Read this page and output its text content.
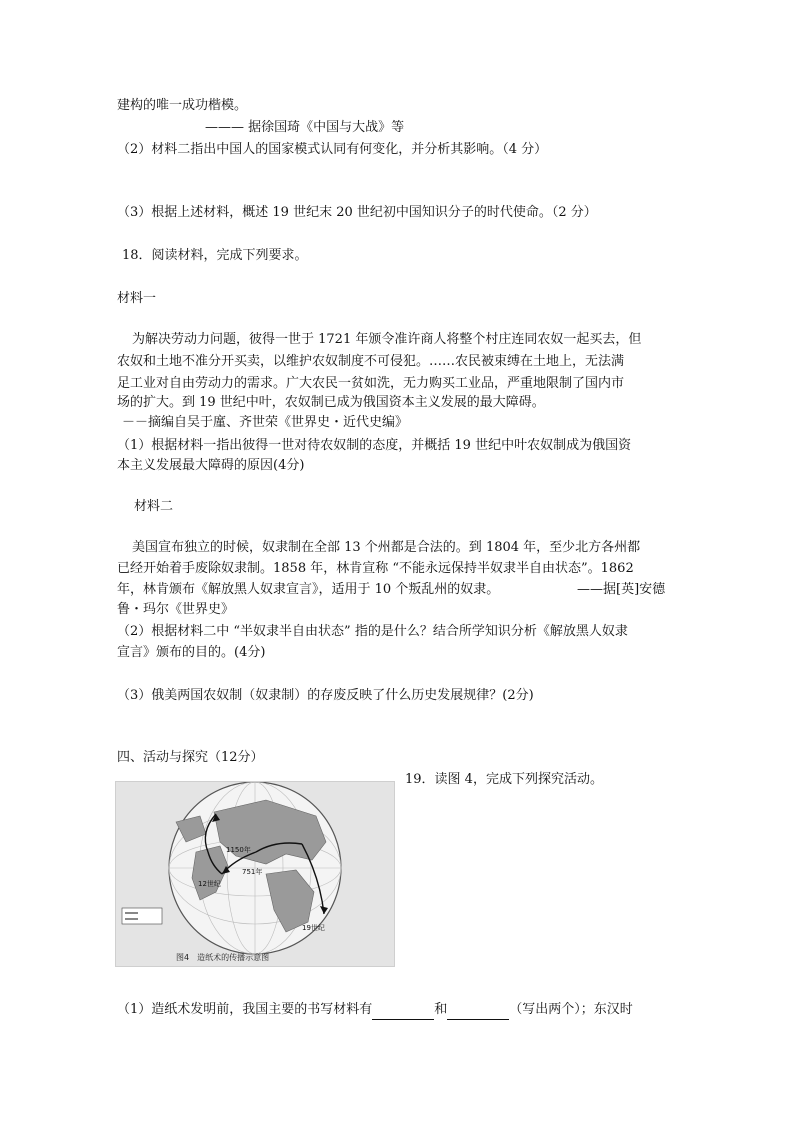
建构的唯一成功楷模。
——— 据徐国琦《中国与大战》等
（2）材料二指出中国人的国家模式认同有何变化，并分析其影响。（4 分）
（3）根据上述材料，概述 19 世纪末 20 世纪初中国知识分子的时代使命。（2 分）
18．阅读材料，完成下列要求。
材料一
为解决劳动力问题，彼得一世于 1721 年颁令准许商人将整个村庄连同农奴一起买去，但
农奴和土地不准分开买卖，以维护农奴制度不可侵犯。……农民被束缚在土地上，无法满
足工业对自由劳动力的需求。广大农民一贫如洗，无力购买工业品，严重地限制了国内市
场的扩大。到 19 世纪中叶，农奴制已成为俄国资本主义发展的最大障碍。
－－摘编自吴于廑、齐世荣《世界史・近代史编》
（1）根据材料一指出彼得一世对待农奴制的态度，并概括 19 世纪中叶农奴制成为俄国资
本主义发展最大障碍的原因(4分)
材料二
美国宣布独立的时候，奴隶制在全部 13 个州都是合法的。到 1804 年，至少北方各州都
已经开始着手废除奴隶制。1858 年，林肯宣称 “不能永远保持半奴隶半自由状态”。1862
年，林肯颁布《解放黑人奴隶宣言》，适用于 10 个叛乱州的奴隶。	——据[英]安德
鲁・玛尔《世界史》
（2）根据材料二中 “半奴隶半自由状态” 指的是什么？结合所学知识分析《解放黑人奴隶
宣言》颁布的目的。(4分)
（3）俄美两国农奴制（奴隶制）的存废反映了什么历史发展规律？(2分)
四、活动与探究（12分）
19．读图 4，完成下列探究活动。
1150年
751年
12世纪
19世纪
图4　造纸术的传播示意图
（1）造纸术发明前，我国主要的书写材料有	和	（写出两个）；东汉时
